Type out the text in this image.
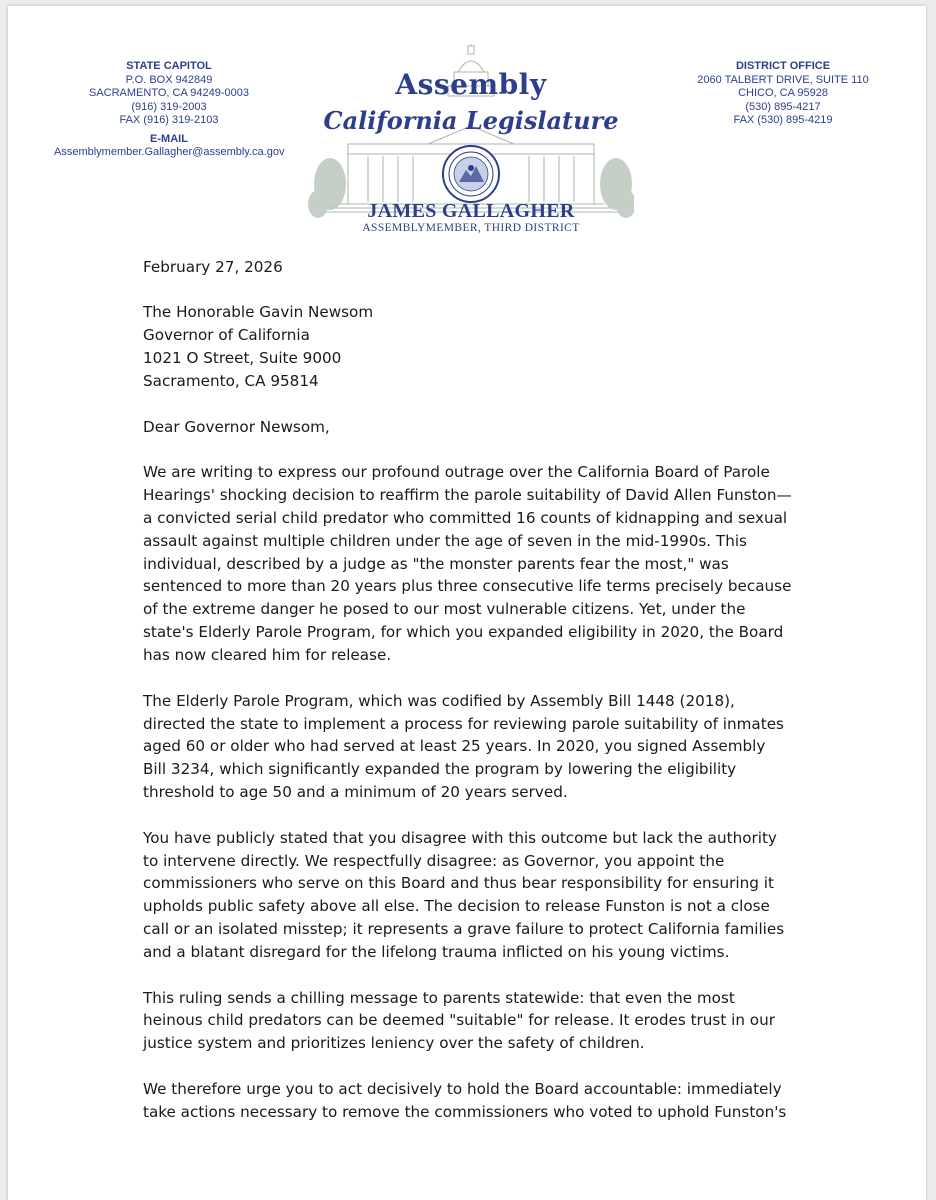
STATE CAPITOL
P.O. BOX 942849
SACRAMENTO, CA 94249-0003
(916) 319-2003
FAX (916) 319-2103
E-MAIL
Assemblymember.Gallagher@assembly.ca.gov
DISTRICT OFFICE
2060 TALBERT DRIVE, SUITE 110
CHICO, CA 95928
(530) 895-4217
FAX (530) 895-4219
Assembly
California Legislature
JAMES GALLAGHER
ASSEMBLYMEMBER, THIRD DISTRICT

February 27, 2026

The Honorable Gavin Newsom
Governor of California
1021 O Street, Suite 9000
Sacramento, CA 95814

Dear Governor Newsom,

We are writing to express our profound outrage over the California Board of Parole Hearings' shocking decision to reaffirm the parole suitability of David Allen Funston—a convicted serial child predator who committed 16 counts of kidnapping and sexual assault against multiple children under the age of seven in the mid-1990s. This individual, described by a judge as "the monster parents fear the most," was sentenced to more than 20 years plus three consecutive life terms precisely because of the extreme danger he posed to our most vulnerable citizens. Yet, under the state's Elderly Parole Program, for which you expanded eligibility in 2020, the Board has now cleared him for release.

The Elderly Parole Program, which was codified by Assembly Bill 1448 (2018), directed the state to implement a process for reviewing parole suitability of inmates aged 60 or older who had served at least 25 years. In 2020, you signed Assembly Bill 3234, which significantly expanded the program by lowering the eligibility threshold to age 50 and a minimum of 20 years served.

You have publicly stated that you disagree with this outcome but lack the authority to intervene directly. We respectfully disagree: as Governor, you appoint the commissioners who serve on this Board and thus bear responsibility for ensuring it upholds public safety above all else. The decision to release Funston is not a close call or an isolated misstep; it represents a grave failure to protect California families and a blatant disregard for the lifelong trauma inflicted on his young victims.

This ruling sends a chilling message to parents statewide: that even the most heinous child predators can be deemed "suitable" for release. It erodes trust in our justice system and prioritizes leniency over the safety of children.

We therefore urge you to act decisively to hold the Board accountable: immediately take actions necessary to remove the commissioners who voted to uphold Funston's
